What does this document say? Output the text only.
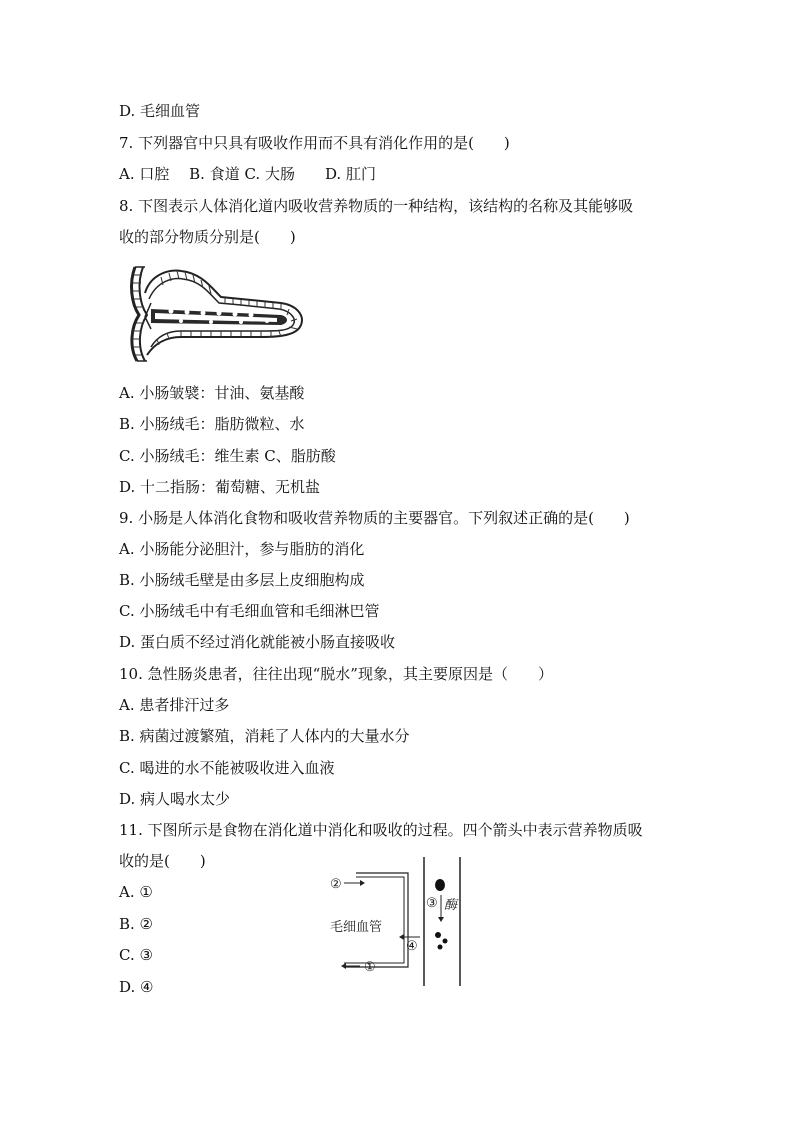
D. 毛细血管
7. 下列器官中只具有吸收作用而不具有消化作用的是(　　)
A. 口腔　 B. 食道 C. 大肠　　D. 肛门
8. 下图表示人体消化道内吸收营养物质的一种结构，该结构的名称及其能够吸
收的部分物质分别是(　　)
A. 小肠皱襞：甘油、氨基酸
B. 小肠绒毛：脂肪微粒、水
C. 小肠绒毛：维生素 C、脂肪酸
D. 十二指肠：葡萄糖、无机盐
9. 小肠是人体消化食物和吸收营养物质的主要器官。下列叙述正确的是(　　)
A. 小肠能分泌胆汁，参与脂肪的消化
B. 小肠绒毛壁是由多层上皮细胞构成
C. 小肠绒毛中有毛细血管和毛细淋巴管
D. 蛋白质不经过消化就能被小肠直接吸收
10. 急性肠炎患者，往往出现“脱水”现象，其主要原因是（　　）
A. 患者排汗过多
B. 病菌过渡繁殖，消耗了人体内的大量水分
C. 喝进的水不能被吸收进入血液
D. 病人喝水太少
11. 下图所示是食物在消化道中消化和吸收的过程。四个箭头中表示营养物质吸
收的是(　　)
A. ①
B. ②
C. ③
D. ④
②
毛细血管
④
①
③ 酶
